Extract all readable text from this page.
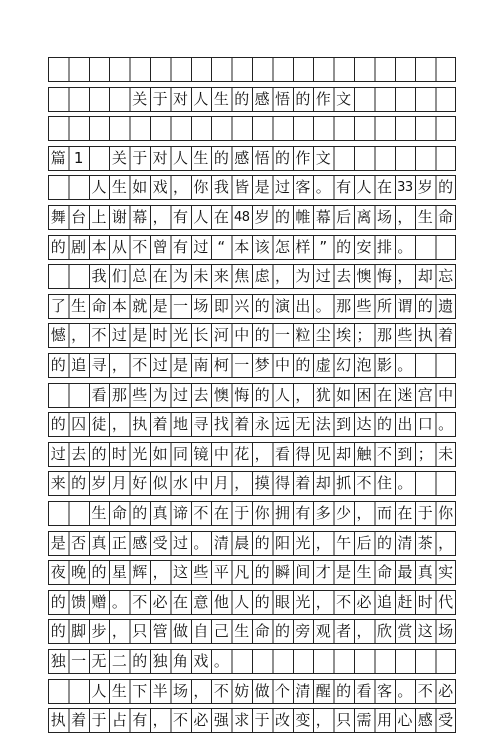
关 于 对 人 生 的 感 悟 的 作 文
篇 1	关 于 对 人 生 的 感 悟 的 作 文
人 生 如 戏 ， 你 我 皆 是 过 客 。 有 人 在 33 岁 的
舞 台 上 谢 幕 ， 有 人 在 48 岁 的 帷 幕 后 离 场 ， 生 命
的 剧 本 从 不 曾 有 过 “ 本 该 怎 样 ” 的 安 排 。
我 们 总 在 为 未 来 焦 虑 ， 为 过 去 懊 悔 ， 却 忘
了 生 命 本 就 是 一 场 即 兴 的 演 出 。 那 些 所 谓 的 遗
憾 ， 不 过 是 时 光 长 河 中 的 一 粒 尘 埃 ； 那 些 执 着
的 追 寻 ， 不 过 是 南 柯 一 梦 中 的 虚 幻 泡 影 。
看 那 些 为 过 去 懊 悔 的 人 ， 犹 如 困 在 迷 宫 中
的 囚 徒 ， 执 着 地 寻 找 着 永 远 无 法 到 达 的 出 口 。
过 去 的 时 光 如 同 镜 中 花 ， 看 得 见 却 触 不 到 ； 未
来 的 岁 月 好 似 水 中 月 ， 摸 得 着 却 抓 不 住 。
生 命 的 真 谛 不 在 于 你 拥 有 多 少 ， 而 在 于 你
是 否 真 正 感 受 过 。 清 晨 的 阳 光 ， 午 后 的 清 茶 ，
夜 晚 的 星 辉 ， 这 些 平 凡 的 瞬 间 才 是 生 命 最 真 实
的 馈 赠 。 不 必 在 意 他 人 的 眼 光 ， 不 必 追 赶 时 代
的 脚 步 ， 只 管 做 自 己 生 命 的 旁 观 者 ， 欣 赏 这 场
独 一 无 二 的 独 角 戏 。
人 生 下 半 场 ， 不 妨 做 个 清 醒 的 看 客 。 不 必
执 着 于 占 有 ， 不 必 强 求 于 改 变 ， 只 需 用 心 感 受
